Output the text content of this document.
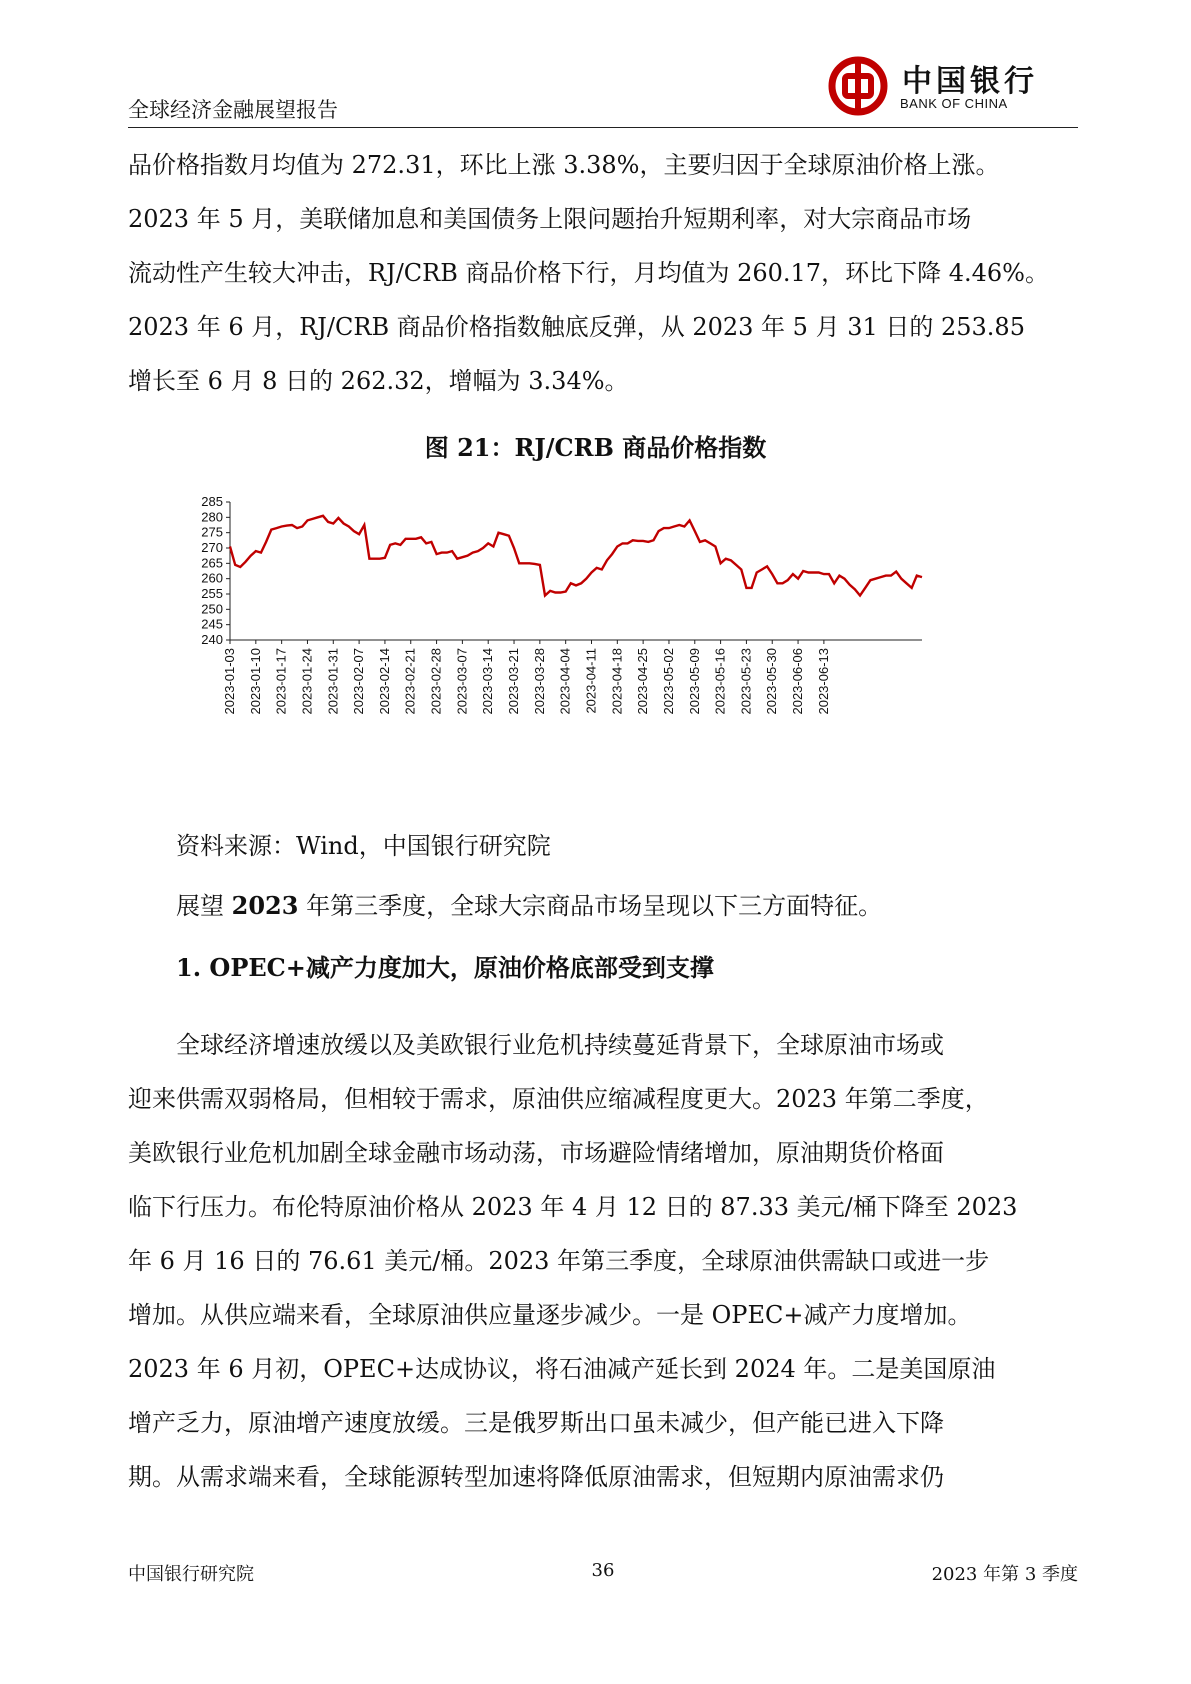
全球经济金融展望报告
中国银行
BANK OF CHINA

品价格指数月均值为 272.31，环比上涨 3.38%，主要归因于全球原油价格上涨。

2023 年 5 月，美联储加息和美国债务上限问题抬升短期利率，对大宗商品市场

流动性产生较大冲击，RJ/CRB 商品价格下行，月均值为 260.17，环比下降 4.46%。

2023 年 6 月，RJ/CRB 商品价格指数触底反弹，从 2023 年 5 月 31 日的 253.85

增长至 6 月 8 日的 262.32，增幅为 3.34%。

图 21：RJ/CRB 商品价格指数
240
245
250
255
260
265
270
275
280
285
2023-01-03 2023-01-10 2023-01-17 2023-01-24 2023-01-31 2023-02-07 2023-02-14 2023-02-21 2023-02-28 2023-03-07 2023-03-14 2023-03-21 2023-03-28 2023-04-04 2023-04-11 2023-04-18 2023-04-25 2023-05-02 2023-05-09 2023-05-16 2023-05-23 2023-05-30 2023-06-06 2023-06-13
资料来源：Wind，中国银行研究院
展望 2023 年第三季度，全球大宗商品市场呈现以下三方面特征。
1. OPEC+减产力度加大，原油价格底部受到支撑

全球经济增速放缓以及美欧银行业危机持续蔓延背景下，全球原油市场或

迎来供需双弱格局，但相较于需求，原油供应缩减程度更大。2023 年第二季度，

美欧银行业危机加剧全球金融市场动荡，市场避险情绪增加，原油期货价格面

临下行压力。布伦特原油价格从 2023 年 4 月 12 日的 87.33 美元/桶下降至 2023

年 6 月 16 日的 76.61 美元/桶。2023 年第三季度，全球原油供需缺口或进一步

增加。从供应端来看，全球原油供应量逐步减少。一是 OPEC+减产力度增加。

2023 年 6 月初，OPEC+达成协议，将石油减产延长到 2024 年。二是美国原油

增产乏力，原油增产速度放缓。三是俄罗斯出口虽未减少，但产能已进入下降

期。从需求端来看，全球能源转型加速将降低原油需求，但短期内原油需求仍

中国银行研究院	36	2023 年第 3 季度
